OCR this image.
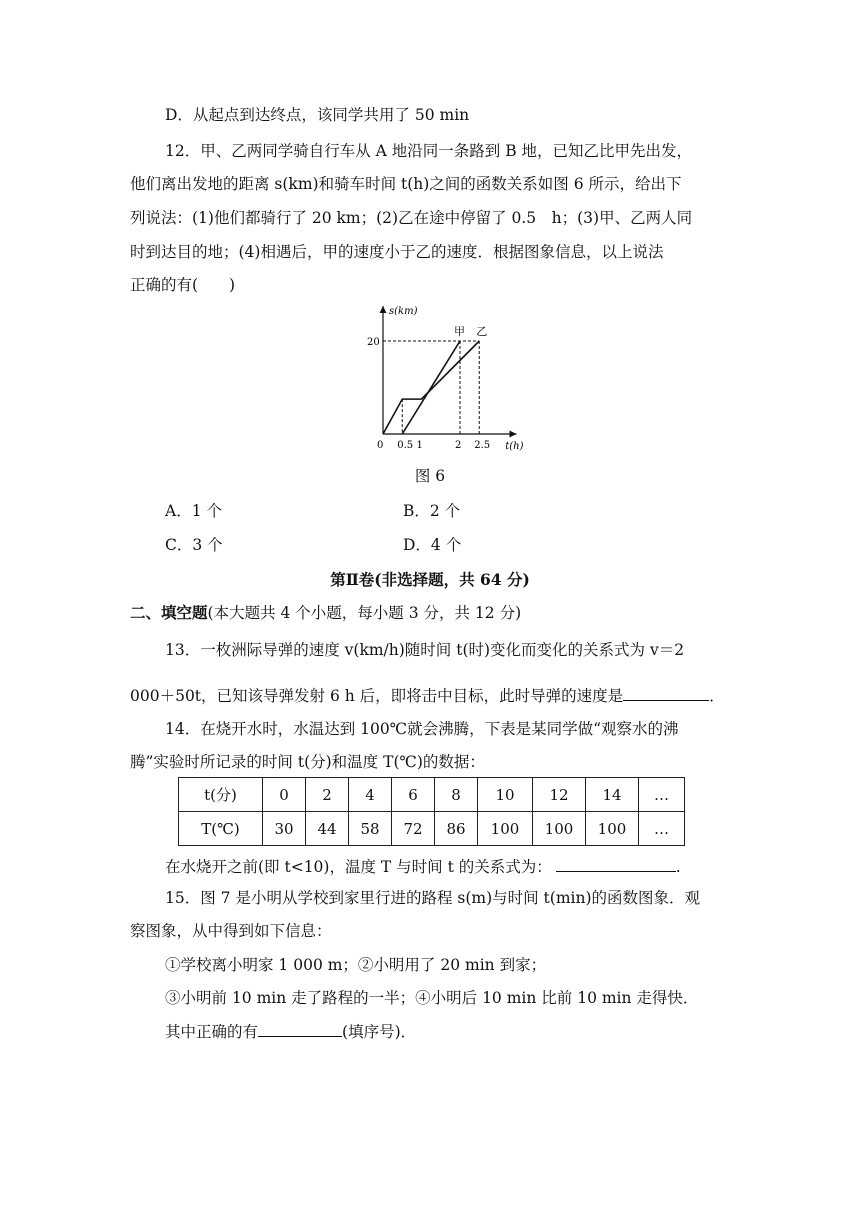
D．从起点到达终点，该同学共用了 50 min
12．甲、乙两同学骑自行车从 A 地沿同一条路到 B 地，已知乙比甲先出发，
他们离出发地的距离 s(km)和骑车时间 t(h)之间的函数关系如图 6 所示，给出下
列说法：(1)他们都骑行了 20 km；(2)乙在途中停留了 0.5　h；(3)甲、乙两人同
时到达目的地；(4)相遇后，甲的速度小于乙的速度．根据图象信息，以上说法
正确的有(　　)
s(km)
t(h)
0 0.5 1	2 2.5
20
甲 乙
图 6
A．1 个	B．2 个
C．3 个	D．4 个
第Ⅱ卷(非选择题，共 64 分)
二、填空题(本大题共 4 个小题，每小题 3 分，共 12 分)
13．一枚洲际导弹的速度 v(km/h)随时间 t(时)变化而变化的关系式为 v＝2
000＋50t，已知该导弹发射 6 h 后，即将击中目标，此时导弹的速度是	．
14．在烧开水时，水温达到 100℃就会沸腾，下表是某同学做“观察水的沸
腾”实验时所记录的时间 t(分)和温度 T(℃)的数据：
t(分)	0	2	4	6	8	10	12	14	…
T(℃)	30	44	58	72	86	100	100	100	…
在水烧开之前(即 t<10)，温度 T 与时间 t 的关系式为：	.
15．图 7 是小明从学校到家里行进的路程 s(m)与时间 t(min)的函数图象．观
察图象，从中得到如下信息：
①学校离小明家 1 000 m；②小明用了 20 min 到家；
③小明前 10 min 走了路程的一半；④小明后 10 min 比前 10 min 走得快．
其中正确的有	(填序号)．
